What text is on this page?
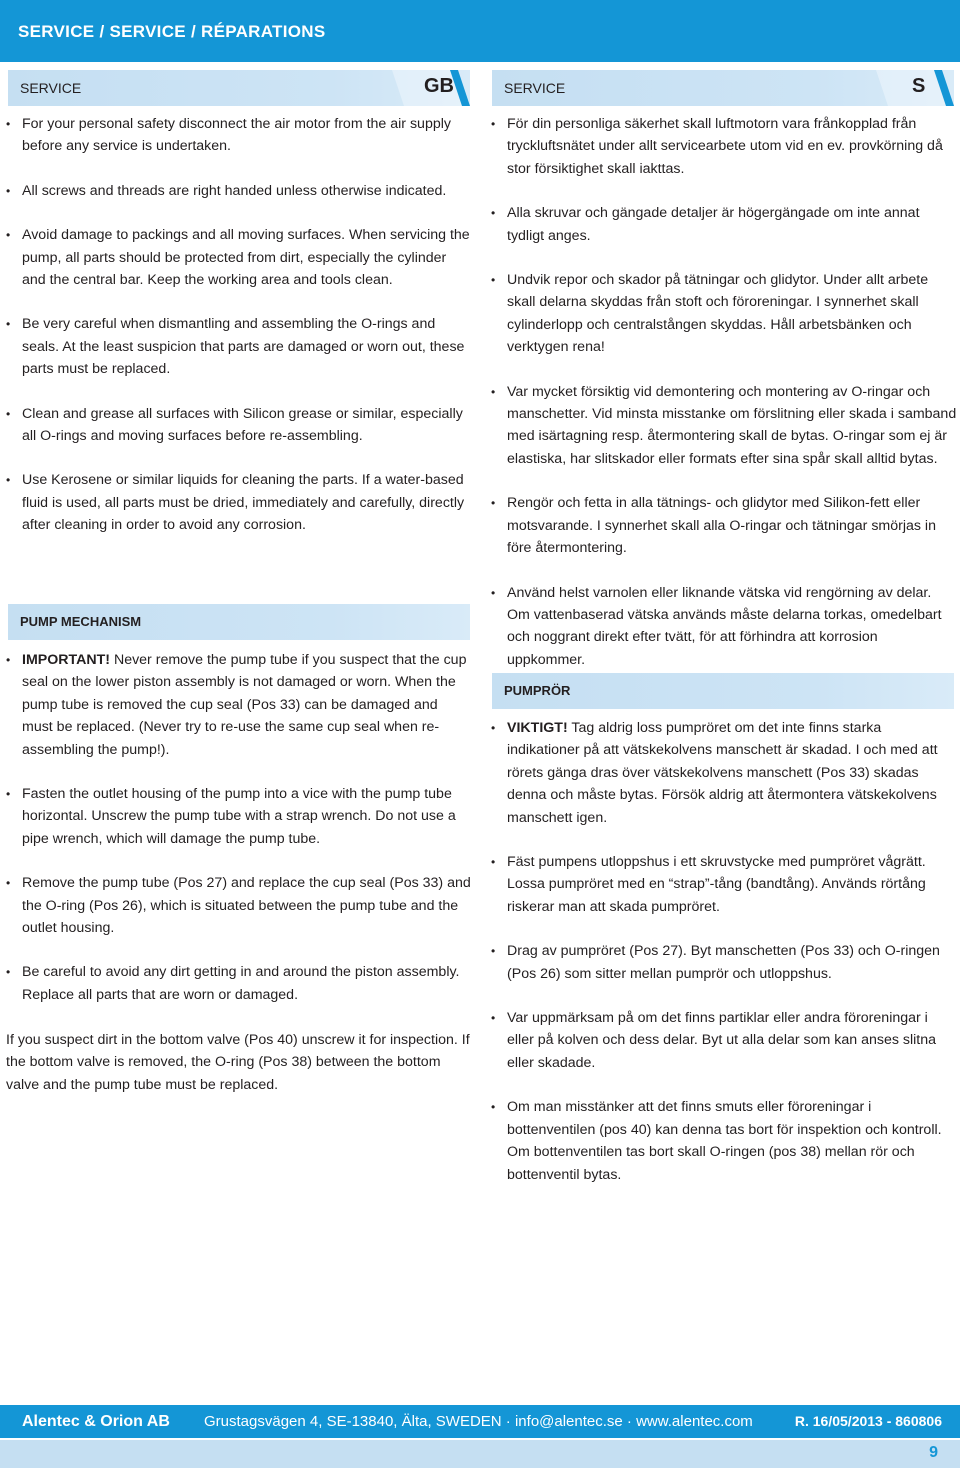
SERVICE / SERVICE / RÉPARATIONS
SERVICE	GB
• For your personal safety disconnect the air motor from the air supply before any service is undertaken.
• All screws and threads are right handed unless otherwise indicated.
• Avoid damage to packings and all moving surfaces. When servicing the pump, all parts should be protected from dirt, especially the cylinder and the central bar. Keep the working area and tools clean.
• Be very careful when dismantling and assembling the O-rings and seals. At the least suspicion that parts are damaged or worn out, these parts must be replaced.
• Clean and grease all surfaces with Silicon grease or similar, especially all O-rings and moving surfaces before re-assembling.
• Use Kerosene or similar liquids for cleaning the parts. If a water-based fluid is used, all parts must be dried, immediately and carefully, directly after cleaning in order to avoid any corrosion.
PUMP MECHANISM
• IMPORTANT! Never remove the pump tube if you suspect that the cup seal on the lower piston assembly is not damaged or worn. When the pump tube is removed the cup seal (Pos 33) can be damaged and must be replaced. (Never try to re-use the same cup seal when re-assembling the pump!).
• Fasten the outlet housing of the pump into a vice with the pump tube horizontal. Unscrew the pump tube with a strap wrench. Do not use a pipe wrench, which will damage the pump tube.
• Remove the pump tube (Pos 27) and replace the cup seal (Pos 33) and the O-ring (Pos 26), which is situated between the pump tube and the outlet housing.
• Be careful to avoid any dirt getting in and around the piston assembly. Replace all parts that are worn or damaged.

If you suspect dirt in the bottom valve (Pos 40) unscrew it for inspection. If the bottom valve is removed, the O-ring (Pos 38) between the bottom valve and the pump tube must be replaced.

SERVICE	S
• För din personliga säkerhet skall luftmotorn vara frånkopplad från tryckluftsnätet under allt servicearbete utom vid en ev. provkörning då stor försiktighet skall iakttas.
• Alla skruvar och gängade detaljer är högergängade om inte annat tydligt anges.
• Undvik repor och skador på tätningar och glidytor. Under allt arbete skall delarna skyddas från stoft och föroreningar. I synnerhet skall cylinderlopp och centralstången skyddas. Håll arbetsbänken och verktygen rena!
• Var mycket försiktig vid demontering och montering av O-ringar och manschetter. Vid minsta misstanke om förslitning eller skada i samband med isärtagning resp. återmontering skall de bytas. O-ringar som ej är elastiska, har slitskador eller formats efter sina spår skall alltid bytas.
• Rengör och fetta in alla tätnings- och glidytor med Silikon-fett eller motsvarande. I synnerhet skall alla O-ringar och tätningar smörjas in före återmontering.
• Använd helst varnolen eller liknande vätska vid rengörning av delar. Om vattenbaserad vätska används måste delarna torkas, omedelbart och noggrant direkt efter tvätt, för att förhindra att korrosion uppkommer.
PUMPRÖR
• VIKTIGT! Tag aldrig loss pumpröret om det inte finns starka indikationer på att vätskekolvens manschett är skadad. I och med att rörets gänga dras över vätskekolvens manschett (Pos 33) skadas denna och måste bytas. Försök aldrig att återmontera vätskekolvens manschett igen.
• Fäst pumpens utloppshus i ett skruvstycke med pumpröret vågrätt. Lossa pumpröret med en “strap”-tång (bandtång). Används rörtång riskerar man att skada pumpröret.
• Drag av pumpröret (Pos 27). Byt manschetten (Pos 33) och O-ringen (Pos 26) som sitter mellan pumprör och utloppshus.
• Var uppmärksam på om det finns partiklar eller andra föroreningar i eller på kolven och dess delar. Byt ut alla delar som kan anses slitna eller skadade.
• Om man misstänker att det finns smuts eller föroreningar i bottenventilen (pos 40) kan denna tas bort för inspektion och kontroll. Om bottenventilen tas bort skall O-ringen (pos 38) mellan rör och bottenventil bytas.
Alentec & Orion AB Grustagsvägen 4, SE-13840, Älta, SWEDEN · info@alentec.se · www.alentec.com	R. 16/05/2013 - 860806
9
